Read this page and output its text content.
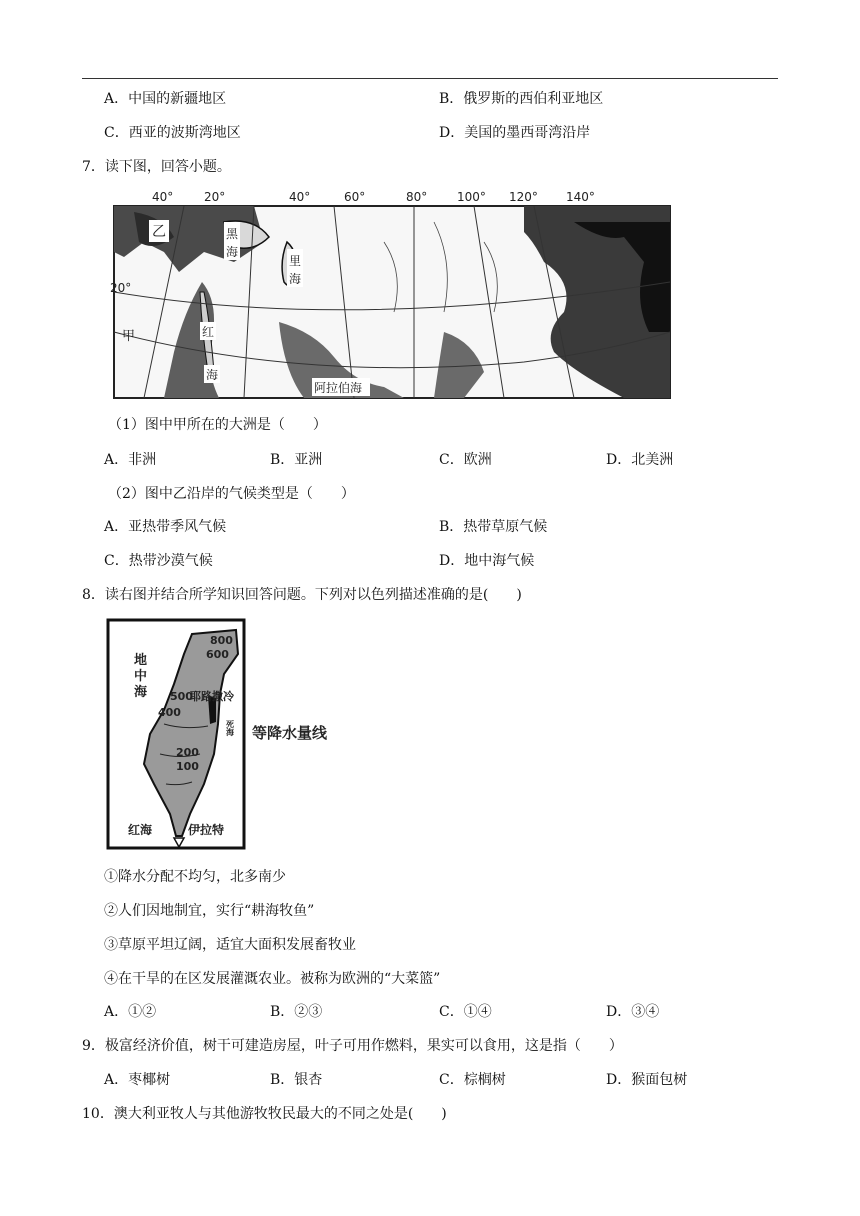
A．中国的新疆地区	B．俄罗斯的西伯利亚地区
C．西亚的波斯湾地区	D．美国的墨西哥湾沿岸
7．读下图，回答小题。
40°	20°	40°	60°	80° 100° 120° 140°
乙
20°
甲
黑
海
里
海
红
海
阿拉伯海
（1）图中甲所在的大洲是（　　）
A．非洲	B．亚洲	C．欧洲	D．北美洲
（2）图中乙沿岸的气候类型是（　　）
A．亚热带季风气候	B．热带草原气候
C．热带沙漠气候	D．地中海气候
8．读右图并结合所学知识回答问题。下列对以色列描述准确的是(　　)
地
中
海
800
600
500
400
200
100
耶路撒冷
死海
红海	伊拉特
等降水量线
①降水分配不均匀，北多南少
②人们因地制宜，实行“耕海牧鱼”
③草原平坦辽阔，适宜大面积发展畜牧业
④在干旱的在区发展灌溉农业。被称为欧洲的“大菜篮”
A．①②	B．②③	C．①④	D．③④
9．极富经济价值，树干可建造房屋，叶子可用作燃料，果实可以食用，这是指（　　）
A．枣椰树	B．银杏	C．棕榈树	D．猴面包树
10．澳大利亚牧人与其他游牧牧民最大的不同之处是(　　)
